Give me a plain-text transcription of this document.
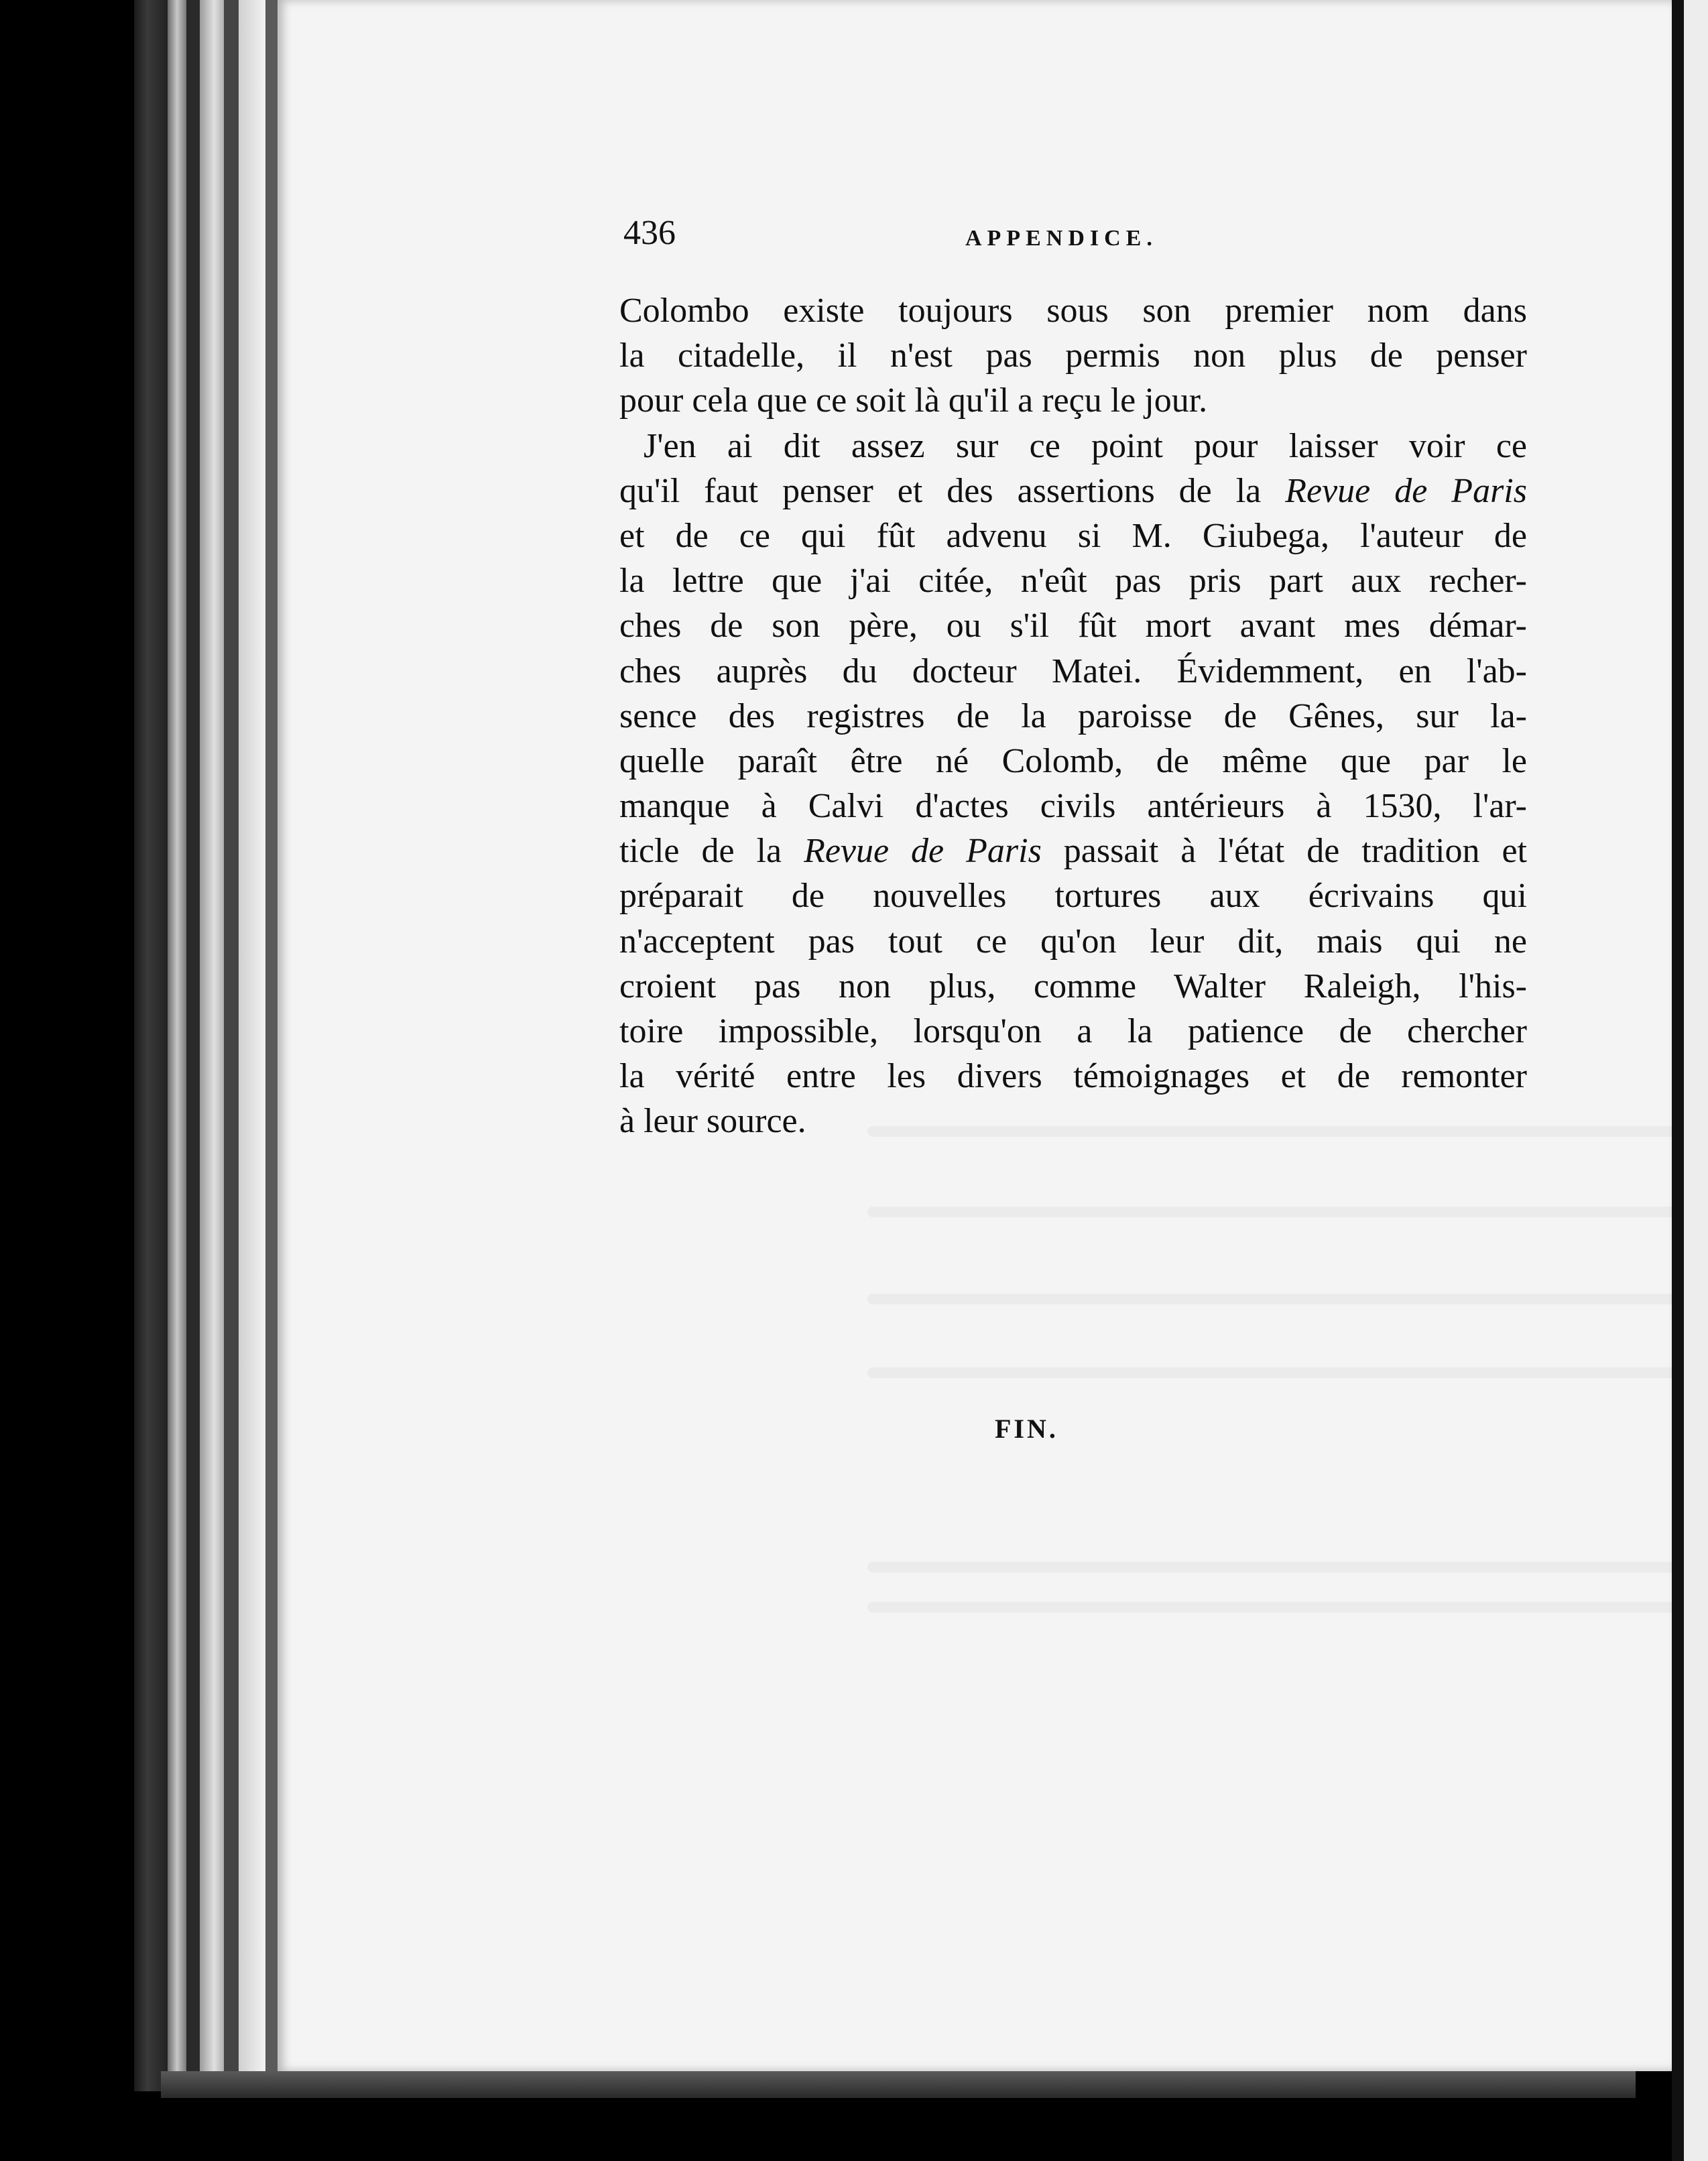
436	APPENDICE.
Colombo existe toujours sous son premier nom dans
la citadelle, il n'est pas permis non plus de penser
pour cela que ce soit là qu'il a reçu le jour.
J'en ai dit assez sur ce point pour laisser voir ce
qu'il faut penser et des assertions de la Revue de Paris
et de ce qui fût advenu si M. Giubega, l'auteur de
la lettre que j'ai citée, n'eût pas pris part aux recher-
ches de son père, ou s'il fût mort avant mes démar-
ches auprès du docteur Matei. Évidemment, en l'ab-
sence des registres de la paroisse de Gênes, sur la-
quelle paraît être né Colomb, de même que par le
manque à Calvi d'actes civils antérieurs à 1530, l'ar-
ticle de la Revue de Paris passait à l'état de tradition et
préparait de nouvelles tortures aux écrivains qui
n'acceptent pas tout ce qu'on leur dit, mais qui ne
croient pas non plus, comme Walter Raleigh, l'his-
toire impossible, lorsqu'on a la patience de chercher
la vérité entre les divers témoignages et de remonter
à leur source.
FIN.
